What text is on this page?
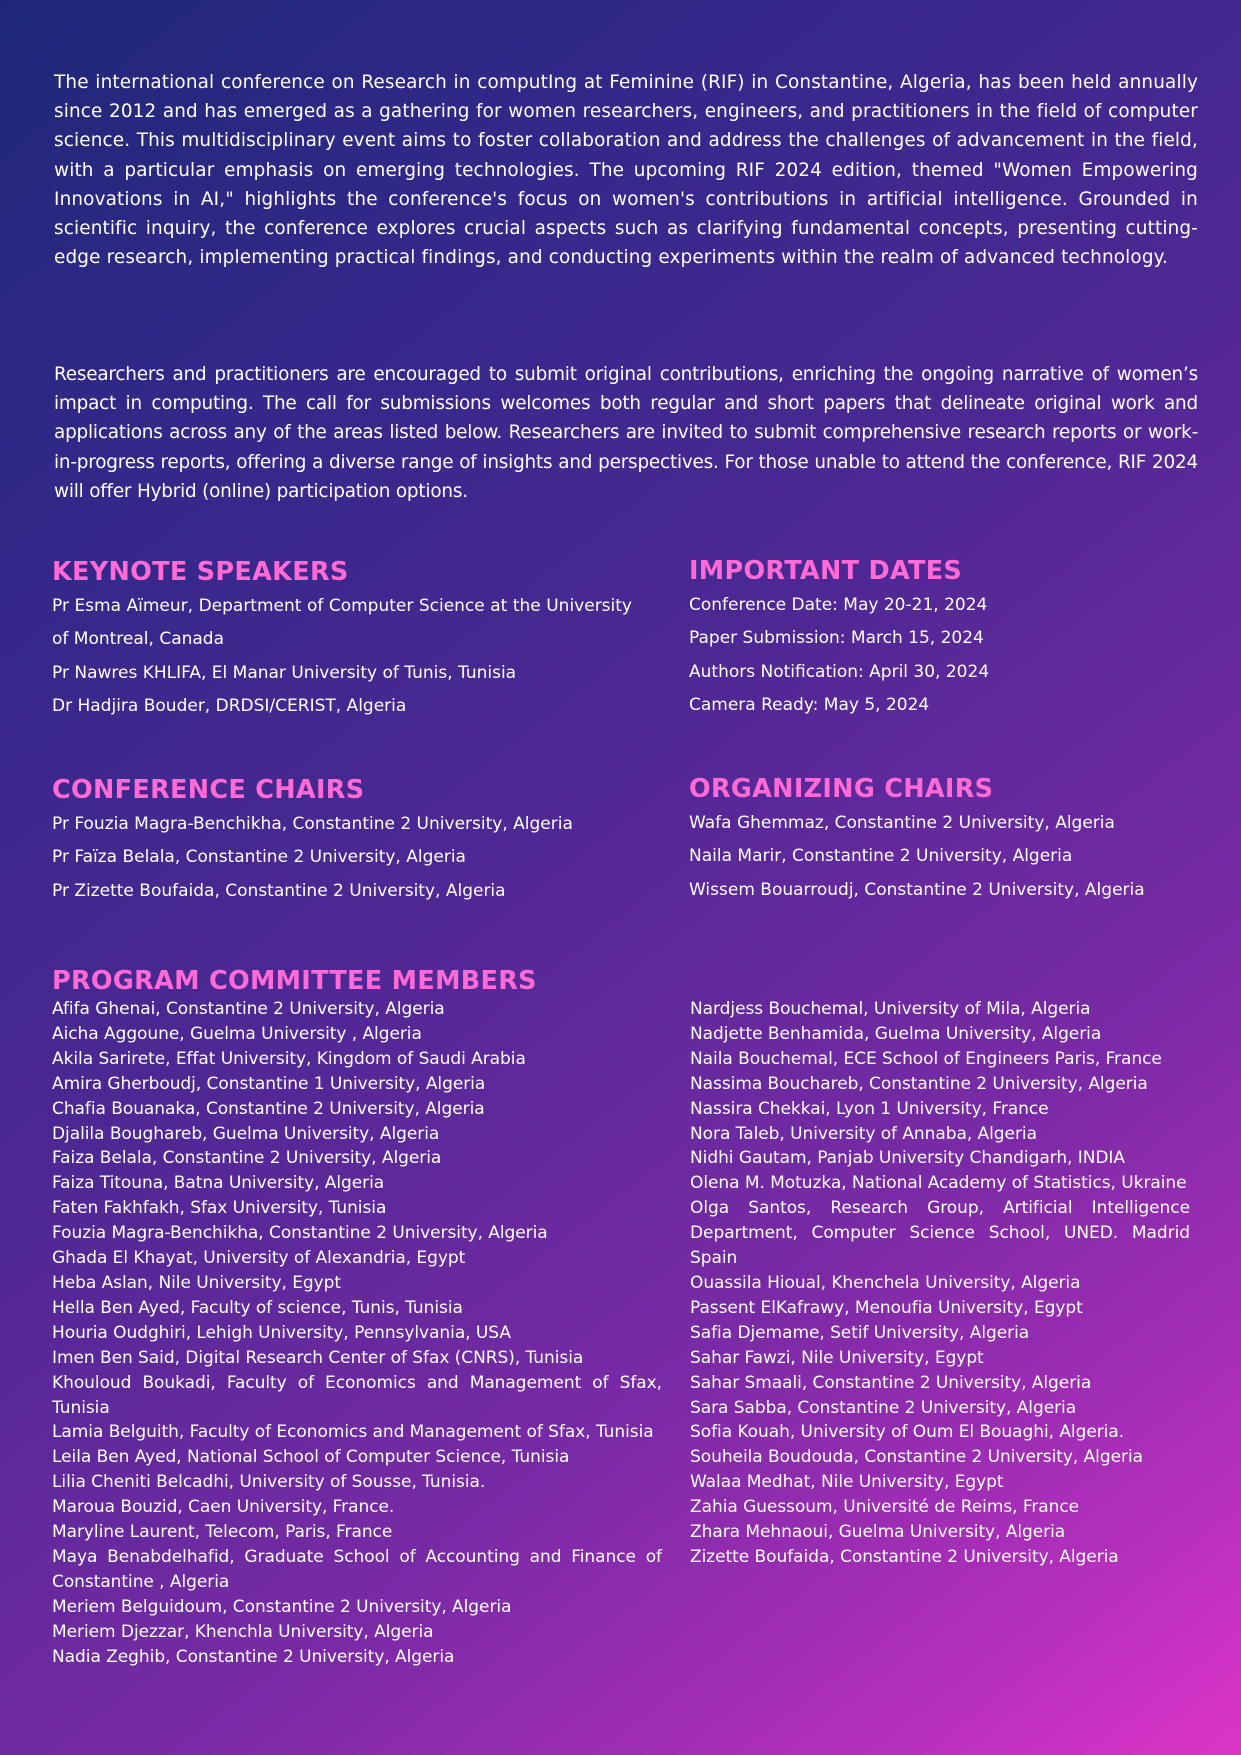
The international conference on Research in computIng at Feminine (RIF) in Constantine, Algeria, has been held annually since 2012 and has emerged as a gathering for women researchers, engineers, and practitioners in the field of computer science. This multidisciplinary event aims to foster collaboration and address the challenges of advancement in the field, with a particular emphasis on emerging technologies. The upcoming RIF 2024 edition, themed "Women Empowering Innovations in AI," highlights the conference's focus on women's contributions in artificial intelligence. Grounded in scientific inquiry, the conference explores crucial aspects such as clarifying fundamental concepts, presenting cutting-edge research, implementing practical findings, and conducting experiments within the realm of advanced technology.

Researchers and practitioners are encouraged to submit original contributions, enriching the ongoing narrative of women’s impact in computing. The call for submissions welcomes both regular and short papers that delineate original work and applications across any of the areas listed below. Researchers are invited to submit comprehensive research reports or work-in-progress reports, offering a diverse range of insights and perspectives. For those unable to attend the conference, RIF 2024 will offer Hybrid (online) participation options.

KEYNOTE SPEAKERS
Pr Esma Aïmeur, Department of Computer Science at the University of Montreal, Canada
Pr Nawres KHLIFA, El Manar University of Tunis, Tunisia
Dr Hadjira Bouder, DRDSI/CERIST, Algeria
IMPORTANT DATES
Conference Date: May 20-21, 2024
Paper Submission: March 15, 2024
Authors Notification: April 30, 2024
Camera Ready: May 5, 2024
CONFERENCE CHAIRS
Pr Fouzia Magra-Benchikha, Constantine 2 University, Algeria
Pr Faïza Belala, Constantine 2 University, Algeria
Pr Zizette Boufaida, Constantine 2 University, Algeria
ORGANIZING CHAIRS
Wafa Ghemmaz, Constantine 2 University, Algeria
Naila Marir, Constantine 2 University, Algeria
Wissem Bouarroudj, Constantine 2 University, Algeria
PROGRAM COMMITTEE MEMBERS
Afifa Ghenai, Constantine 2 University, Algeria
Aicha Aggoune, Guelma University , Algeria
Akila Sarirete, Effat University, Kingdom of Saudi Arabia
Amira Gherboudj, Constantine 1 University, Algeria
Chafia Bouanaka, Constantine 2 University, Algeria
Djalila Boughareb, Guelma University, Algeria
Faiza Belala, Constantine 2 University, Algeria
Faiza Titouna, Batna University, Algeria
Faten Fakhfakh, Sfax University, Tunisia
Fouzia Magra-Benchikha, Constantine 2 University, Algeria
Ghada El Khayat, University of Alexandria, Egypt
Heba Aslan, Nile University, Egypt
Hella Ben Ayed, Faculty of science, Tunis, Tunisia
Houria Oudghiri, Lehigh University, Pennsylvania, USA
Imen Ben Said, Digital Research Center of Sfax (CNRS), Tunisia
Khouloud Boukadi, Faculty of Economics and Management of Sfax, Tunisia
Lamia Belguith, Faculty of Economics and Management of Sfax, Tunisia
Leila Ben Ayed, National School of Computer Science, Tunisia
Lilia Cheniti Belcadhi, University of Sousse, Tunisia.
Maroua Bouzid, Caen University, France.
Maryline Laurent, Telecom, Paris, France
Maya Benabdelhafid, Graduate School of Accounting and Finance of Constantine , Algeria
Meriem Belguidoum, Constantine 2 University, Algeria
Meriem Djezzar, Khenchla University, Algeria
Nadia Zeghib, Constantine 2 University, Algeria
Nardjess Bouchemal, University of Mila, Algeria
Nadjette Benhamida, Guelma University, Algeria
Naila Bouchemal, ECE School of Engineers Paris, France
Nassima Bouchareb, Constantine 2 University, Algeria
Nassira Chekkai, Lyon 1 University, France
Nora Taleb, University of Annaba, Algeria
Nidhi Gautam, Panjab University Chandigarh, INDIA
Olena M. Motuzka, National Academy of Statistics, Ukraine
Olga Santos, Research Group, Artificial Intelligence Department, Computer Science School, UNED. Madrid Spain
Ouassila Hioual, Khenchela University, Algeria
Passent ElKafrawy, Menoufia University, Egypt
Safia Djemame, Setif University, Algeria
Sahar Fawzi, Nile University, Egypt
Sahar Smaali, Constantine 2 University, Algeria
Sara Sabba, Constantine 2 University, Algeria
Sofia Kouah, University of Oum El Bouaghi, Algeria.
Souheila Boudouda, Constantine 2 University, Algeria
Walaa Medhat, Nile University, Egypt
Zahia Guessoum, Université de Reims, France
Zhara Mehnaoui, Guelma University, Algeria
Zizette Boufaida, Constantine 2 University, Algeria
